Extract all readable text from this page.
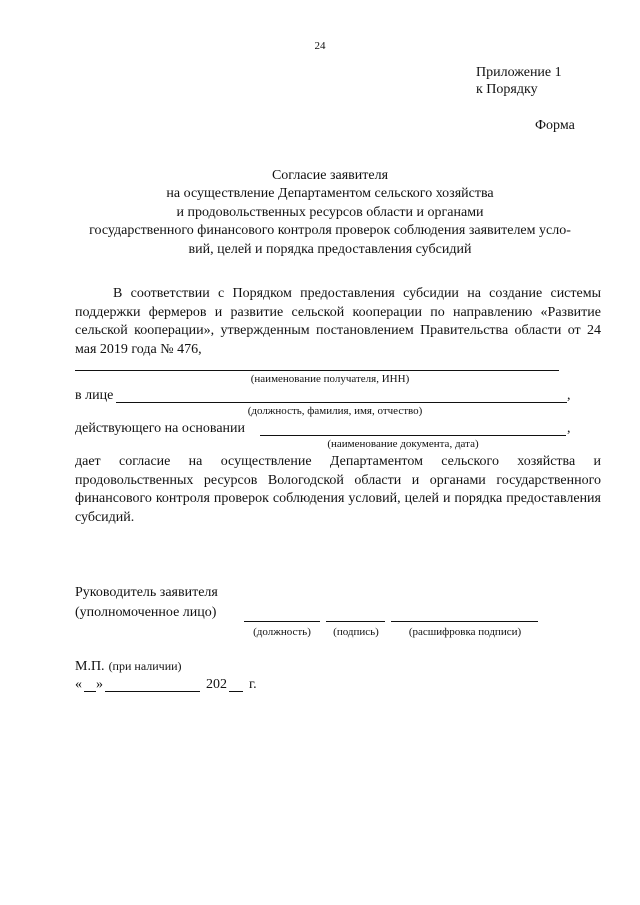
24
Приложение 1
к Порядку
Форма
Согласие заявителя
на осуществление Департаментом сельского хозяйства
и продовольственных ресурсов области и органами
государственного финансового контроля проверок соблюдения заявителем усло-
вий, целей и порядка предоставления субсидий
В соответствии с Порядком предоставления субсидии на создание системы поддержки фермеров и развитие сельской кооперации по направлению «Развитие сельской кооперации», утвержденным постановлением Правительства области от 24 мая 2019 года № 476,
(наименование получателя, ИНН)
в лице	,
(должность, фамилия, имя, отчество)
действующего на основании	,
(наименование документа, дата)
дает согласие на осуществление Департаментом сельского хозяйства и продовольственных ресурсов Вологодской области и органами государственного финансового контроля проверок соблюдения условий, целей и порядка предоставления субсидий.
Руководитель заявителя
(уполномоченное лицо)
(должность)	(подпись)	(расшифровка подписи)
М.П. (при наличии)
« »	202 г.
